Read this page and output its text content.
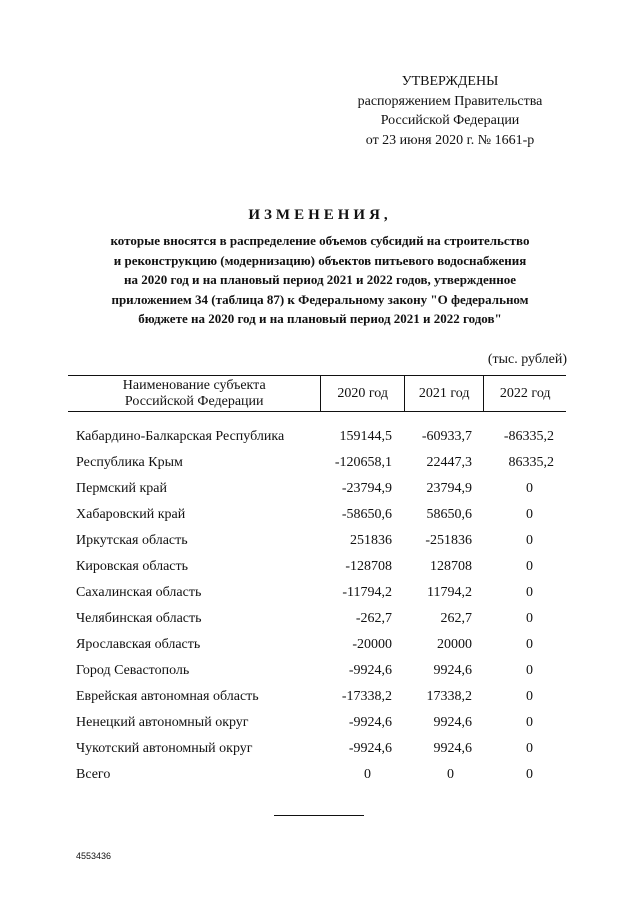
УТВЕРЖДЕНЫ
распоряжением Правительства
Российской Федерации
от 23 июня 2020 г. № 1661-р
ИЗМЕНЕНИЯ,
которые вносятся в распределение объемов субсидий на строительство
и реконструкцию (модернизацию) объектов питьевого водоснабжения
на 2020 год и на плановый период 2021 и 2022 годов, утвержденное
приложением 34 (таблица 87) к Федеральному закону "О федеральном
бюджете на 2020 год и на плановый период 2021 и 2022 годов"
(тыс. рублей)
Наименование субъекта
Российской Федерации
	2020 год	2021 год	2022 год
Кабардино-Балкарская Республика	159144,5	-60933,7	-86335,2
Республика Крым	-120658,1	22447,3	86335,2
Пермский край	-23794,9	23794,9	0
Хабаровский край	-58650,6	58650,6	0
Иркутская область	251836	-251836	0
Кировская область	-128708	128708	0
Сахалинская область	-11794,2	11794,2	0
Челябинская область	-262,7	262,7	0
Ярославская область	-20000	20000	0
Город Севастополь	-9924,6	9924,6	0
Еврейская автономная область	-17338,2	17338,2	0
Ненецкий автономный округ	-9924,6	9924,6	0
Чукотский автономный округ	-9924,6	9924,6	0
Всего	0	0	0
4553436
